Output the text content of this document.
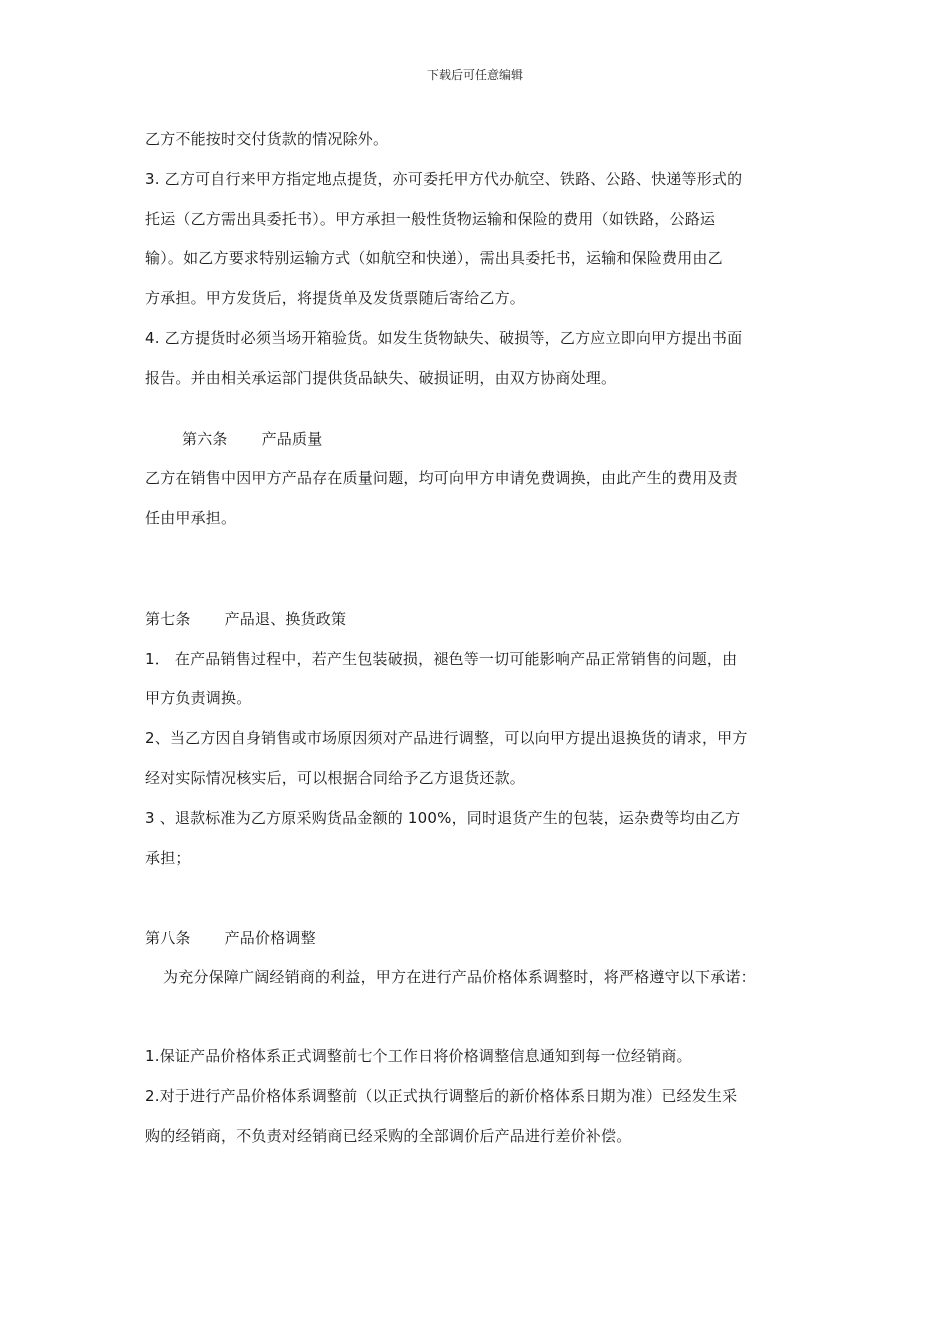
下载后可任意编辑
乙方不能按时交付货款的情况除外。
3. 乙方可自行来甲方指定地点提货，亦可委托甲方代办航空、铁路、公路、快递等形式的
托运（乙方需出具委托书）。甲方承担一般性货物运输和保险的费用（如铁路，公路运
输）。如乙方要求特别运输方式（如航空和快递），需出具委托书，运输和保险费用由乙
方承担。甲方发货后，将提货单及发货票随后寄给乙方。
4. 乙方提货时必须当场开箱验货。如发生货物缺失、破损等，乙方应立即向甲方提出书面
报告。并由相关承运部门提供货品缺失、破损证明，由双方协商处理。
第六条 产品质量
乙方在销售中因甲方产品存在质量问题，均可向甲方申请免费调换，由此产生的费用及责
任由甲承担。
第七条 产品退、换货政策
1． 在产品销售过程中，若产生包装破损，褪色等一切可能影响产品正常销售的问题，由
甲方负责调换。
2、当乙方因自身销售或市场原因须对产品进行调整，可以向甲方提出退换货的请求，甲方
经对实际情况核实后，可以根据合同给予乙方退货还款。
3 、退款标准为乙方原采购货品金额的 100%，同时退货产生的包装，运杂费等均由乙方
承担；
第八条 产品价格调整
为充分保障广阔经销商的利益，甲方在进行产品价格体系调整时，将严格遵守以下承诺：
1.保证产品价格体系正式调整前七个工作日将价格调整信息通知到每一位经销商。
2.对于进行产品价格体系调整前（以正式执行调整后的新价格体系日期为准）已经发生采
购的经销商，不负责对经销商已经采购的全部调价后产品进行差价补偿。
